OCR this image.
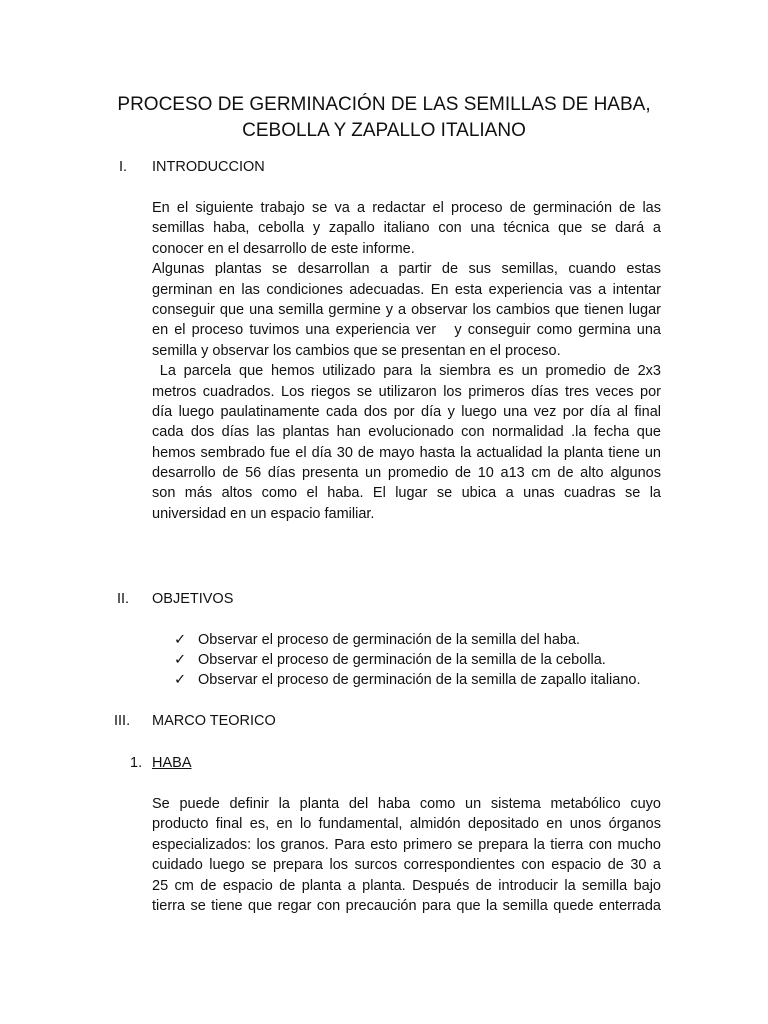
PROCESO DE GERMINACIÓN DE LAS SEMILLAS DE HABA,
CEBOLLA Y ZAPALLO ITALIANO
I. INTRODUCCION
En el siguiente trabajo se va a redactar el proceso de germinación de las
semillas haba, cebolla y zapallo italiano con una técnica que se dará a
conocer en el desarrollo de este informe.
Algunas plantas se desarrollan a partir de sus semillas, cuando estas
germinan en las condiciones adecuadas. En esta experiencia vas a intentar
conseguir que una semilla germine y a observar los cambios que tienen lugar
en el proceso tuvimos una experiencia ver   y conseguir como germina una
semilla y observar los cambios que se presentan en el proceso.
La parcela que hemos utilizado para la siembra es un promedio de 2x3
metros cuadrados. Los riegos se utilizaron los primeros días tres veces por
día luego paulatinamente cada dos por día y luego una vez por día al final
cada dos días las plantas han evolucionado con normalidad .la fecha que
hemos sembrado fue el día 30 de mayo hasta la actualidad la planta tiene un
desarrollo de 56 días presenta un promedio de 10 a13 cm de alto algunos
son más altos como el haba. El lugar se ubica a unas cuadras se la
universidad en un espacio familiar.
II. OBJETIVOS
✓ Observar el proceso de germinación de la semilla del haba.
✓ Observar el proceso de germinación de la semilla de la cebolla.
✓ Observar el proceso de germinación de la semilla de zapallo italiano.
III. MARCO TEORICO
1. HABA
Se puede definir la planta del haba como un sistema metabólico cuyo
producto final es, en lo fundamental, almidón depositado en unos órganos
especializados: los granos. Para esto primero se prepara la tierra con mucho
cuidado luego se prepara los surcos correspondientes con espacio de 30 a
25 cm de espacio de planta a planta. Después de introducir la semilla bajo
tierra se tiene que regar con precaución para que la semilla quede enterrada
